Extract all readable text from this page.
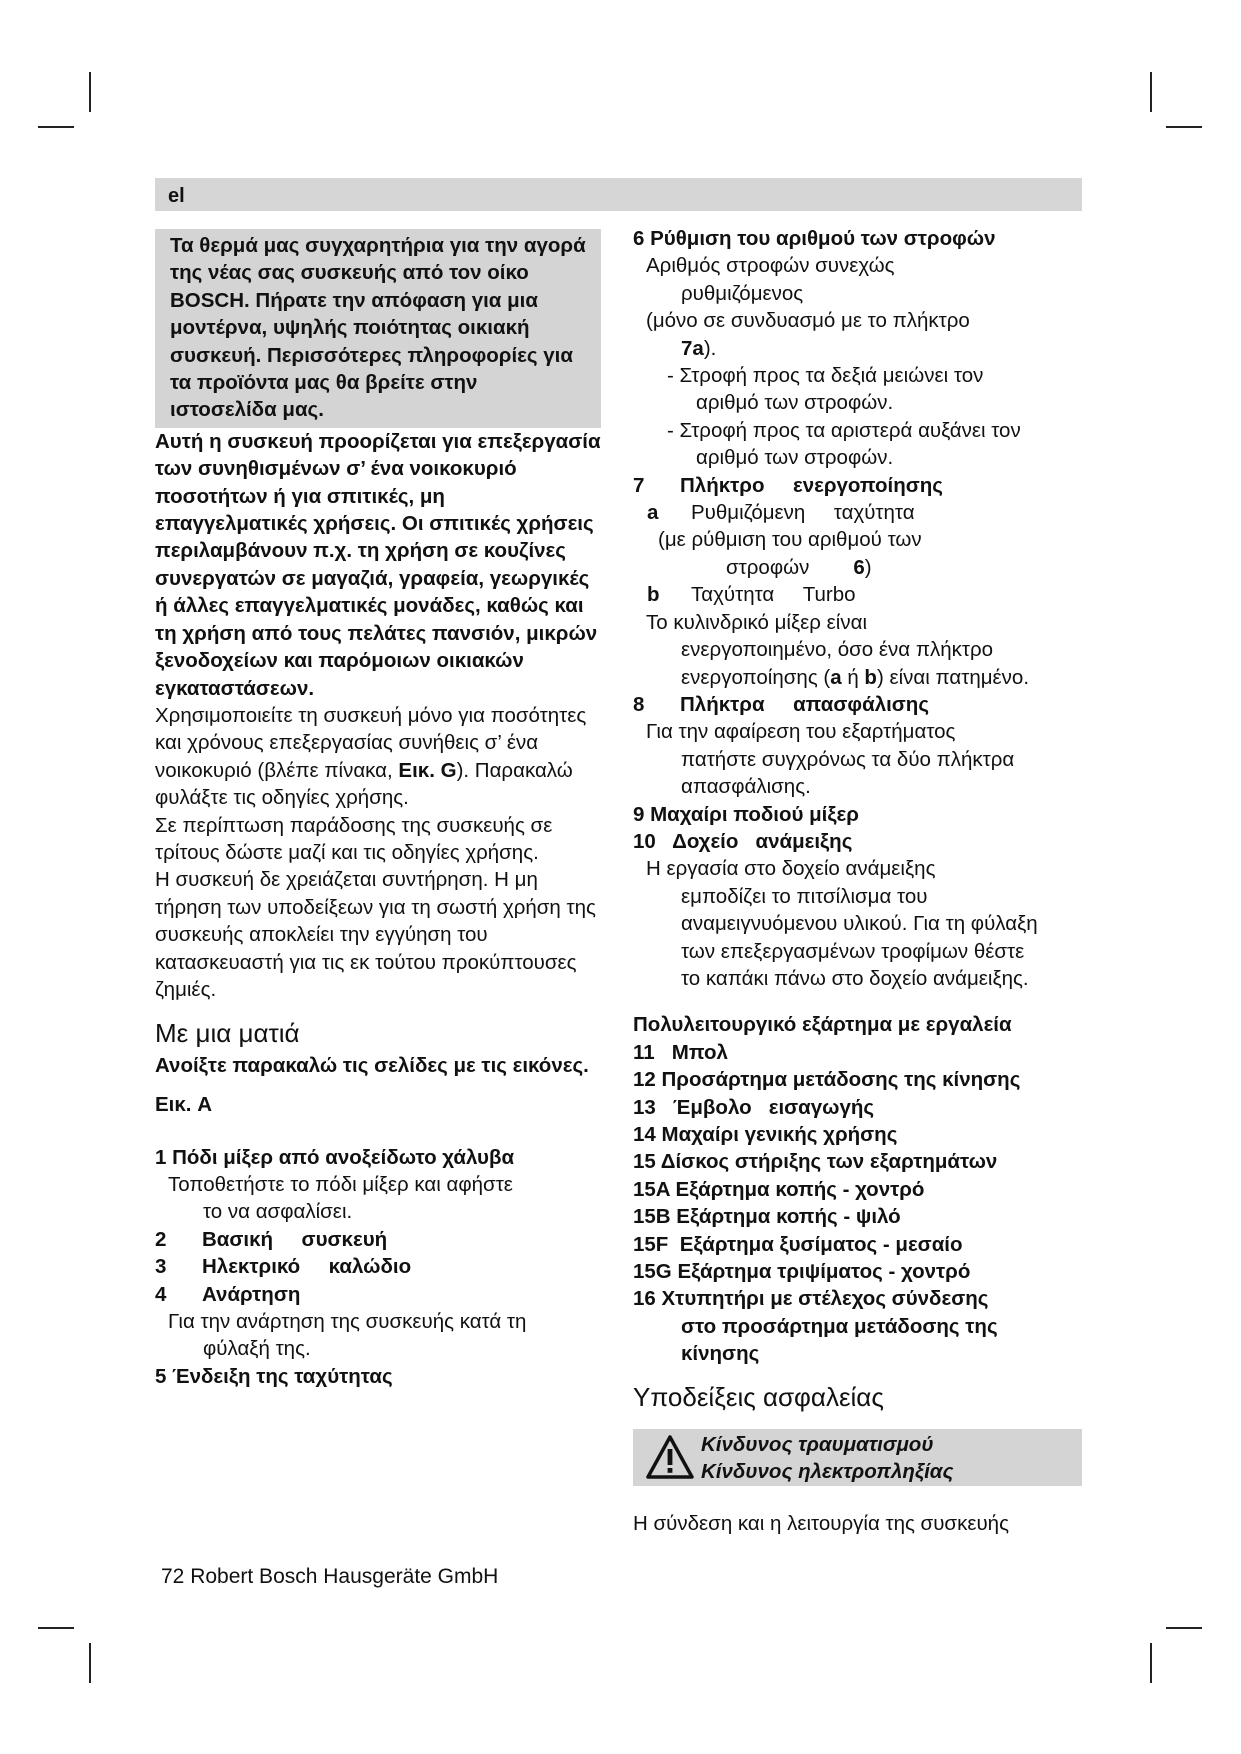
el

Τα θερμά μας συγχαρητήρια για την αγορά της νέας σας συσκευής από τον οίκο BOSCH. Πήρατε την απόφαση για μια μοντέρνα, υψηλής ποιότητας οικιακή συσκευή. Περισσότερες πληροφορίες για τα προϊόντα μας θα βρείτε στην ιστοσελίδα μας.

Αυτή η συσκευή προορίζεται για επεξεργασία των συνηθισμένων σ’ ένα νοικοκυριό ποσοτήτων ή για σπιτικές, μη επαγγελματικές χρήσεις. Οι σπιτικές χρήσεις περιλαμβάνουν π.χ. τη χρήση σε κουζίνες συνεργατών σε μαγαζιά, γραφεία, γεωργικές ή άλλες επαγγελματικές μονάδες, καθώς και τη χρήση από τους πελάτες πανσιόν, μικρών ξενοδοχείων και παρόμοιων οικιακών εγκαταστάσεων.

Χρησιμοποιείτε τη συσκευή μόνο για ποσότητες και χρόνους επεξεργασίας συνήθεις σ’ ένα νοικοκυριό (βλέπε πίνακα, Εικ. G). Παρακαλώ φυλάξτε τις οδηγίες χρήσης.

Σε περίπτωση παράδοσης της συσκευής σε τρίτους δώστε μαζί και τις οδηγίες χρήσης.

Η συσκευή δε χρειάζεται συντήρηση. Η μη τήρηση των υποδείξεων για τη σωστή χρήση της συσκευής αποκλείει την εγγύηση του κατασκευαστή για τις εκ τούτου προκύπτουσες ζημιές.

Με μια ματιά

Ανοίξτε παρακαλώ τις σελίδες με τις εικόνες.

Εικ. A

1 Πόδι μίξερ από ανοξείδωτο χάλυβα

Τοποθετήστε το πόδι μίξερ και αφήστε

το να ασφαλίσει.

2 Βασική     συσκευή

3 Ηλεκτρικό     καλώδιο

4 Ανάρτηση

Για την ανάρτηση της συσκευής κατά τη

φύλαξή της.

5 Ένδειξη της ταχύτητας

6 Ρύθμιση του αριθμού των στροφών

Αριθμός στροφών συνεχώς

ρυθμιζόμενος

(μόνο σε συνδυασμό με το πλήκτρο

7a).

- Στροφή προς τα δεξιά μειώνει τον

αριθμό των στροφών.

- Στροφή προς τα αριστερά αυξάνει τον

αριθμό των στροφών.

7 Πλήκτρο     ενεργοποίησης

a Ρυθμιζόμενη     ταχύτητα

(με ρύθμιση του αριθμού των

στροφών 6)

b Ταχύτητα     Turbo

Το κυλινδρικό μίξερ είναι

ενεργοποιημένο, όσο ένα πλήκτρο

ενεργοποίησης (a ή b) είναι πατημένο.

8 Πλήκτρα     απασφάλισης

Για την αφαίρεση του εξαρτήματος

πατήστε συγχρόνως τα δύο πλήκτρα

απασφάλισης.

9 Μαχαίρι ποδιού μίξερ

10   Δοχείο   ανάμειξης

Η εργασία στο δοχείο ανάμειξης

εμποδίζει το πιτσίλισμα του

αναμειγνυόμενου υλικού. Για τη φύλαξη

των επεξεργασμένων τροφίμων θέστε

το καπάκι πάνω στο δοχείο ανάμειξης.

Πολυλειτουργικό εξάρτημα με εργαλεία

11   Μπολ

12 Προσάρτημα μετάδοσης της κίνησης

13   Έμβολο   εισαγωγής

14 Μαχαίρι γενικής χρήσης

15 Δίσκος στήριξης των εξαρτημάτων

15A Εξάρτημα κοπής - χοντρό

15B Εξάρτημα κοπής - ψιλό

15F  Εξάρτημα ξυσίματος - μεσαίο

15G Εξάρτημα τριψίματος - χοντρό

16 Χτυπητήρι με στέλεχος σύνδεσης

στο προσάρτημα μετάδοσης της

κίνησης

Υποδείξεις ασφαλείας

Κίνδυνος τραυματισμού

Κίνδυνος ηλεκτροπληξίας

Η σύνδεση και η λειτουργία της συσκευής

72 Robert Bosch Hausgeräte GmbH
